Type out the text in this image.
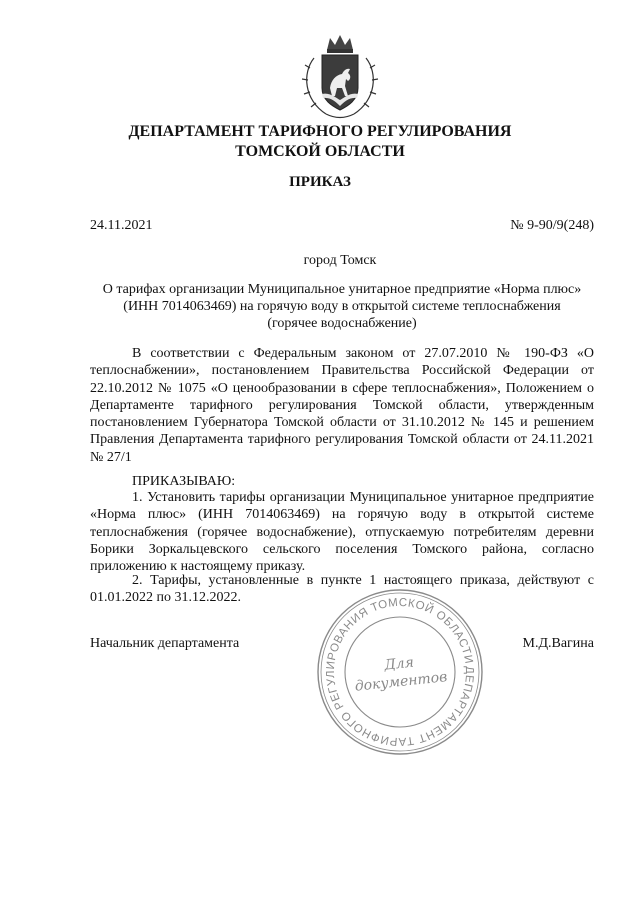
ДЕПАРТАМЕНТ ТАРИФНОГО РЕГУЛИРОВАНИЯ
ТОМСКОЙ ОБЛАСТИ
ПРИКАЗ
24.11.2021	№ 9-90/9(248)
город Томск
О тарифах организации Муниципальное унитарное предприятие «Норма плюс»
(ИНН 7014063469) на горячую воду в открытой системе теплоснабжения
(горячее водоснабжение)
В соответствии с Федеральным законом от 27.07.2010 № 190-ФЗ «О теплоснабжении», постановлением Правительства Российской Федерации от 22.10.2012 № 1075 «О ценообразовании в сфере теплоснабжения», Положением о Департаменте тарифного регулирования Томской области, утвержденным постановлением Губернатора Томской области от 31.10.2012 № 145 и решением Правления Департамента тарифного регулирования Томской области от 24.11.2021 № 27/1
ПРИКАЗЫВАЮ:
1. Установить тарифы организации Муниципальное унитарное предприятие «Норма плюс» (ИНН 7014063469) на горячую воду в открытой системе теплоснабжения (горячее водоснабжение), отпускаемую потребителям деревни Борики Зоркальцевского сельского поселения Томского района, согласно приложению к настоящему приказу.
2. Тарифы, установленные в пункте 1 настоящего приказа, действуют с 01.01.2022 по 31.12.2022.
ДЕПАРТАМЕНТ ТАРИФНОГО РЕГУЛИРОВАНИЯ ТОМСКОЙ ОБЛАСТИ
Для
документов
Начальник департамента	М.Д.Вагина
